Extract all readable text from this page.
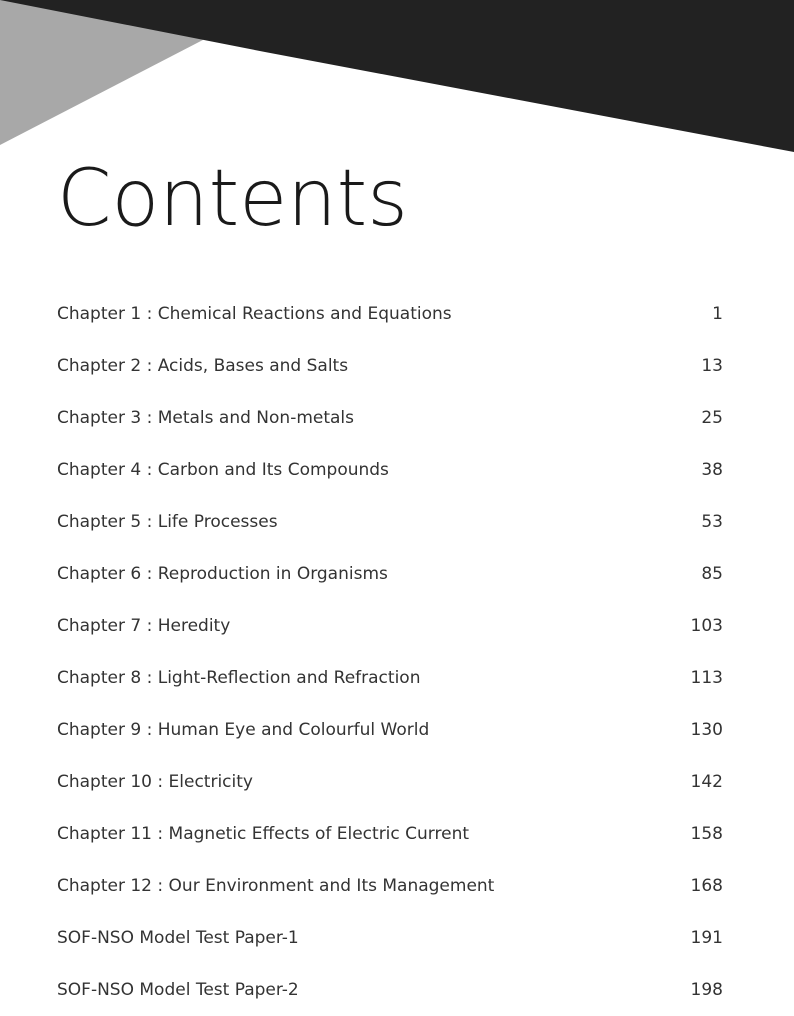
Contents
Chapter 1 : Chemical Reactions and Equations	1
Chapter 2 : Acids, Bases and Salts	13
Chapter 3 : Metals and Non-metals	25
Chapter 4 : Carbon and Its Compounds	38
Chapter 5 : Life Processes	53
Chapter 6 : Reproduction in Organisms	85
Chapter 7 : Heredity	103
Chapter 8 : Light-Reflection and Refraction	113
Chapter 9 : Human Eye and Colourful World	130
Chapter 10 : Electricity	142
Chapter 11 : Magnetic Effects of Electric Current	158
Chapter 12 : Our Environment and Its Management	168
SOF-NSO Model Test Paper-1	191
SOF-NSO Model Test Paper-2	198
